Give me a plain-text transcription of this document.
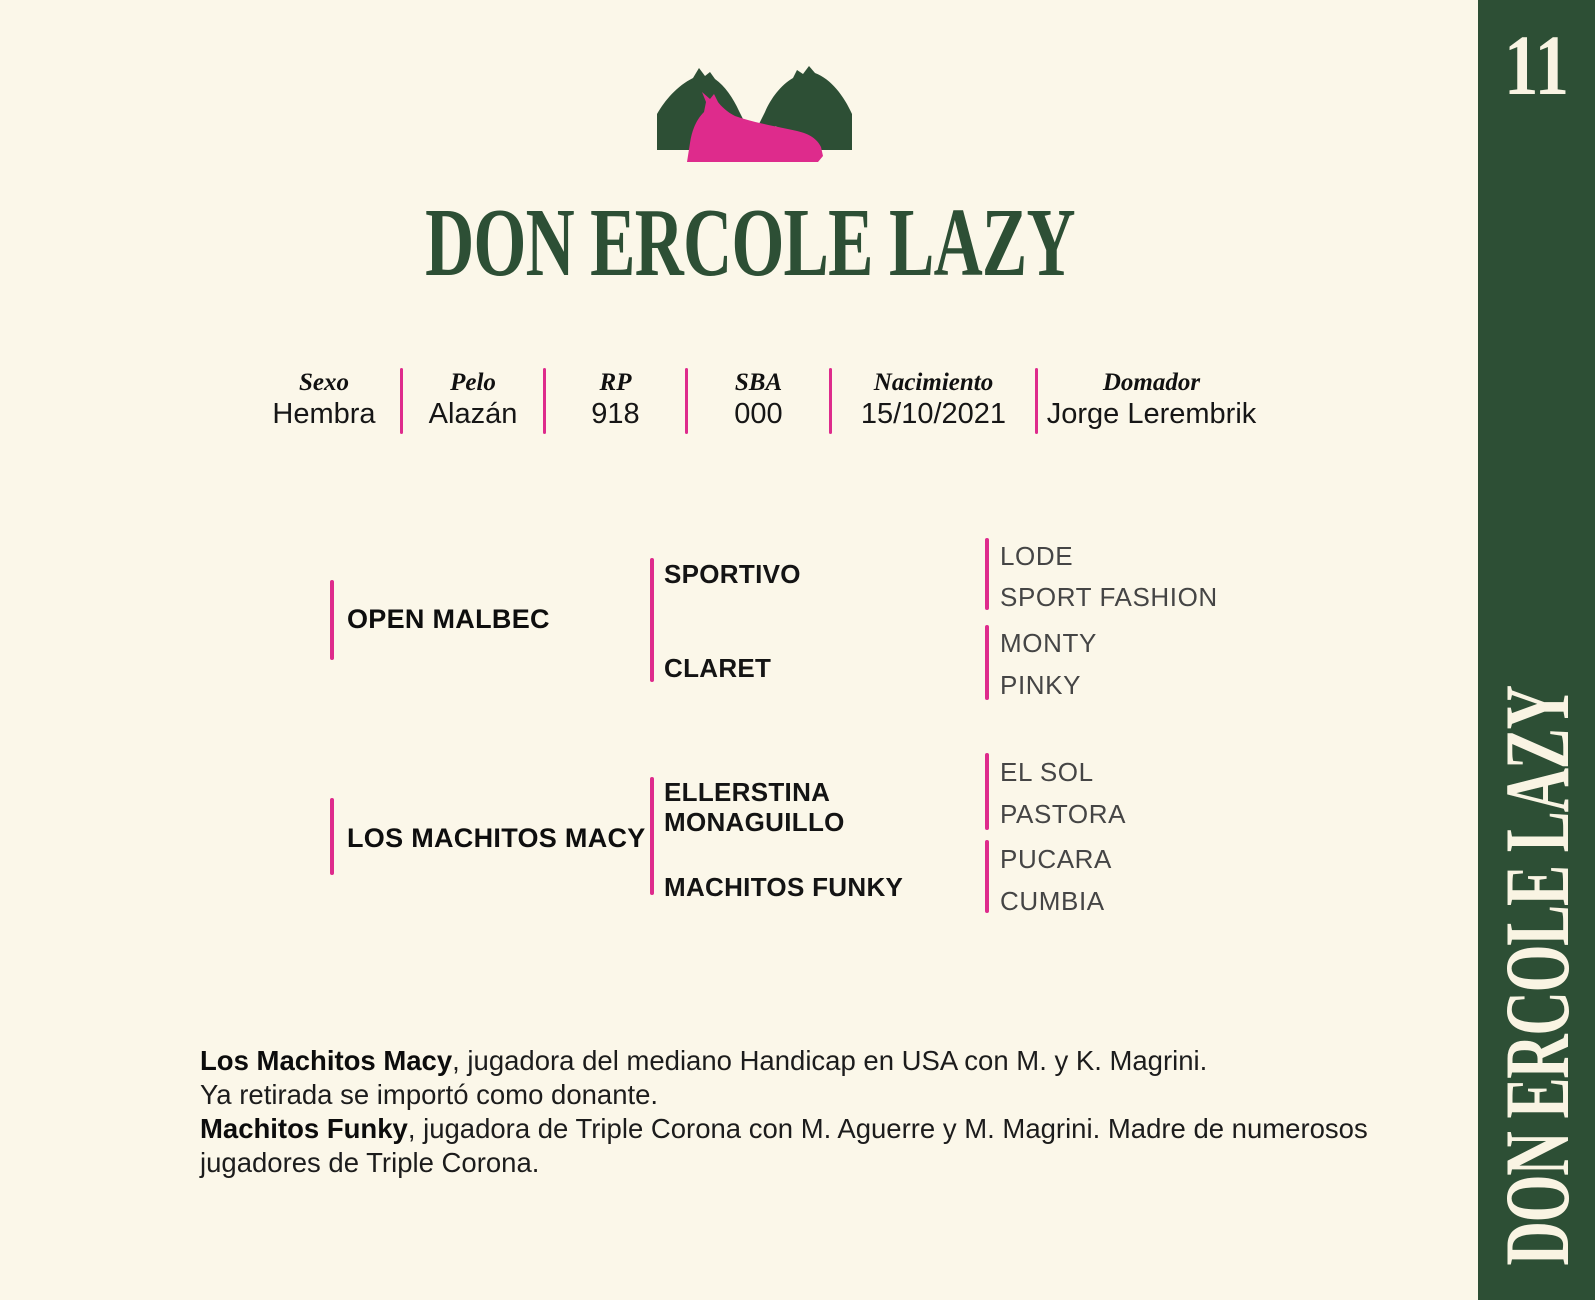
DON ERCOLE LAZY
Sexo
Hembra
Pelo
Alazán
RP
918
SBA
000
Nacimiento
15/10/2021
Domador
Jorge Lerembrik
OPEN MALBEC
SPORTIVO
CLARET
LODE
SPORT FASHION
MONTY
PINKY
LOS MACHITOS MACY
ELLERSTINA MONAGUILLO
MACHITOS FUNKY
EL SOL
PASTORA
PUCARA
CUMBIA

Los Machitos Macy, jugadora del mediano Handicap en USA con M. y K. Magrini.
Ya retirada se importó como donante.

Machitos Funky, jugadora de Triple Corona con M. Aguerre y M. Magrini. Madre de numerosos jugadores de Triple Corona.

11
DON ERCOLE LAZY
